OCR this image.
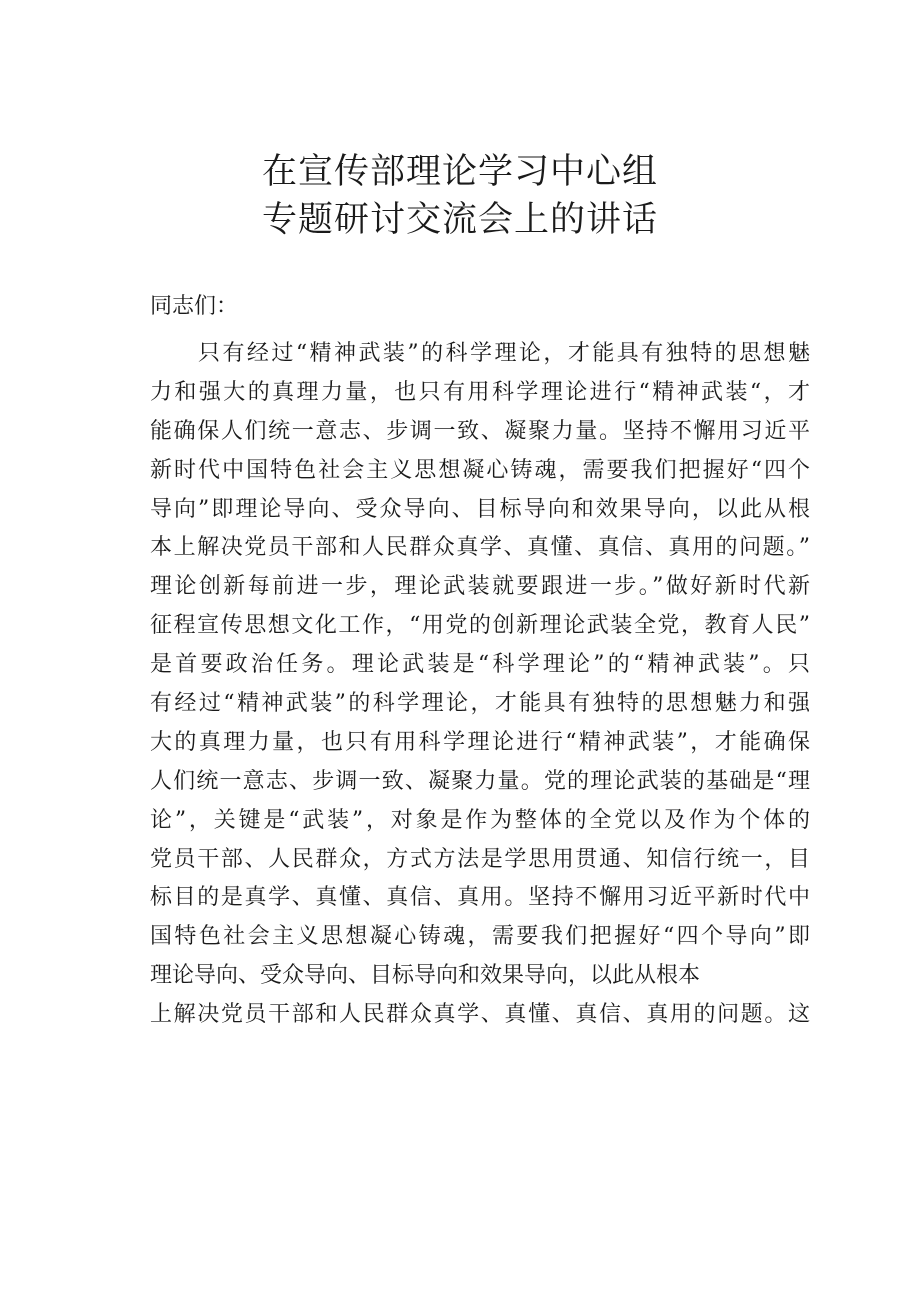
在宣传部理论学习中心组
专题研讨交流会上的讲话
同志们：
只有经过“精神武装”的科学理论，才能具有独特的思想魅
力和强大的真理力量，也只有用科学理论进行“精神武装“，才
能确保人们统一意志、步调一致、凝聚力量。坚持不懈用习近平
新时代中国特色社会主义思想凝心铸魂，需要我们把握好“四个
导向”即理论导向、受众导向、目标导向和效果导向，以此从根
本上解决党员干部和人民群众真学、真懂、真信、真用的问题。”
理论创新每前进一步，理论武装就要跟进一步。”做好新时代新
征程宣传思想文化工作，“用党的创新理论武装全党，教育人民”
是首要政治任务。理论武装是“科学理论”的“精神武装”。只
有经过“精神武装”的科学理论，才能具有独特的思想魅力和强
大的真理力量，也只有用科学理论进行“精神武装”，才能确保
人们统一意志、步调一致、凝聚力量。党的理论武装的基础是“理
论”，关键是“武装”，对象是作为整体的全党以及作为个体的
党员干部、人民群众，方式方法是学思用贯通、知信行统一，目
标目的是真学、真懂、真信、真用。坚持不懈用习近平新时代中
国特色社会主义思想凝心铸魂，需要我们把握好“四个导向”即
理论导向、受众导向、目标导向和效果导向，以此从根本
上解决党员干部和人民群众真学、真懂、真信、真用的问题。这
